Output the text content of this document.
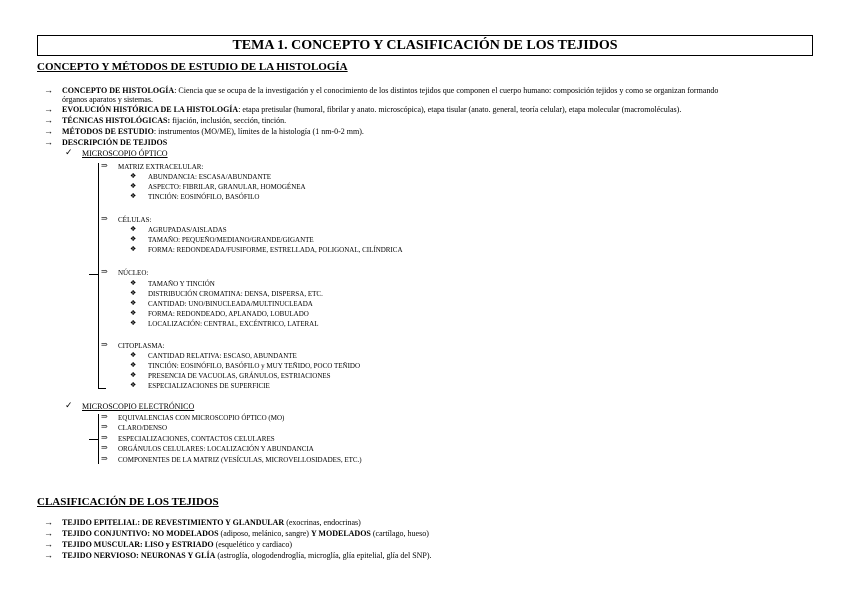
TEMA 1. CONCEPTO Y CLASIFICACIÓN DE LOS TEJIDOS
CONCEPTO Y MÉTODOS DE ESTUDIO DE LA HISTOLOGÍA
→ CONCEPTO DE HISTOLOGÍA: Ciencia que se ocupa de la investigación y el conocimiento de los distintos tejidos que componen el cuerpo humano: composición tejidos y como se organizan formando
órganos aparatos y sistemas.
→ EVOLUCIÓN HISTÓRICA DE LA HISTOLOGÍA: etapa pretisular (humoral, fibrilar y anato. microscópica), etapa tisular (anato. general, teoría celular), etapa molecular (macromoléculas).
→ TÉCNICAS HISTOLÓGICAS: fijación, inclusión, sección, tinción.
→ MÉTODOS DE ESTUDIO: instrumentos (MO/ME), límites de la histología (1 nm-0-2 mm).
→ DESCRIPCIÓN DE TEJIDOS
✓ MICROSCOPIO ÓPTICO
⇒ MATRIZ EXTRACELULAR:
❖ ABUNDANCIA: ESCASA/ABUNDANTE
❖ ASPECTO: FIBRILAR, GRANULAR, HOMOGÉNEA
❖ TINCIÓN: EOSINÓFILO, BASÓFILO
⇒ CÉLULAS:
❖ AGRUPADAS/AISLADAS
❖ TAMAÑO: PEQUEÑO/MEDIANO/GRANDE/GIGANTE
❖ FORMA: REDONDEADA/FUSIFORME, ESTRELLADA, POLIGONAL, CILÍNDRICA
⇒ NÚCLEO:
❖ TAMAÑO Y TINCIÓN
❖ DISTRIBUCIÓN CROMATINA: DENSA, DISPERSA, ETC.
❖ CANTIDAD: UNO/BINUCLEADA/MULTINUCLEADA
❖ FORMA: REDONDEADO, APLANADO, LOBULADO
❖ LOCALIZACIÓN: CENTRAL, EXCÉNTRICO, LATERAL
⇒ CITOPLASMA:
❖ CANTIDAD RELATIVA: ESCASO, ABUNDANTE
❖ TINCIÓN: EOSINÓFILO, BASÓFILO y MUY TEÑIDO, POCO TEÑIDO
❖ PRESENCIA DE VACUOLAS, GRÁNULOS, ESTRIACIONES
❖ ESPECIALIZACIONES DE SUPERFICIE
✓ MICROSCOPIO ELECTRÓNICO
⇒ EQUIVALENCIAS CON MICROSCOPIO ÓPTICO (MO)
⇒ CLARO/DENSO
⇒ ESPECIALIZACIONES, CONTACTOS CELULARES
⇒ ORGÁNULOS CELULARES: LOCALIZACIÓN Y ABUNDANCIA
⇒ COMPONENTES DE LA MATRIZ (VESÍCULAS, MICROVELLOSIDADES, ETC.)
CLASIFICACIÓN DE LOS TEJIDOS
→ TEJIDO EPITELIAL: DE REVESTIMIENTO Y GLANDULAR (exocrinas, endocrinas)
→ TEJIDO CONJUNTIVO: NO MODELADOS (adiposo, melánico, sangre) Y MODELADOS (cartílago, hueso)
→ TEJIDO MUSCULAR: LISO y ESTRIADO (esquelético y cardiaco)
→ TEJIDO NERVIOSO: NEURONAS Y GLÍA (astroglía, ologodendroglía, microglía, glía epitelial, glía del SNP).
